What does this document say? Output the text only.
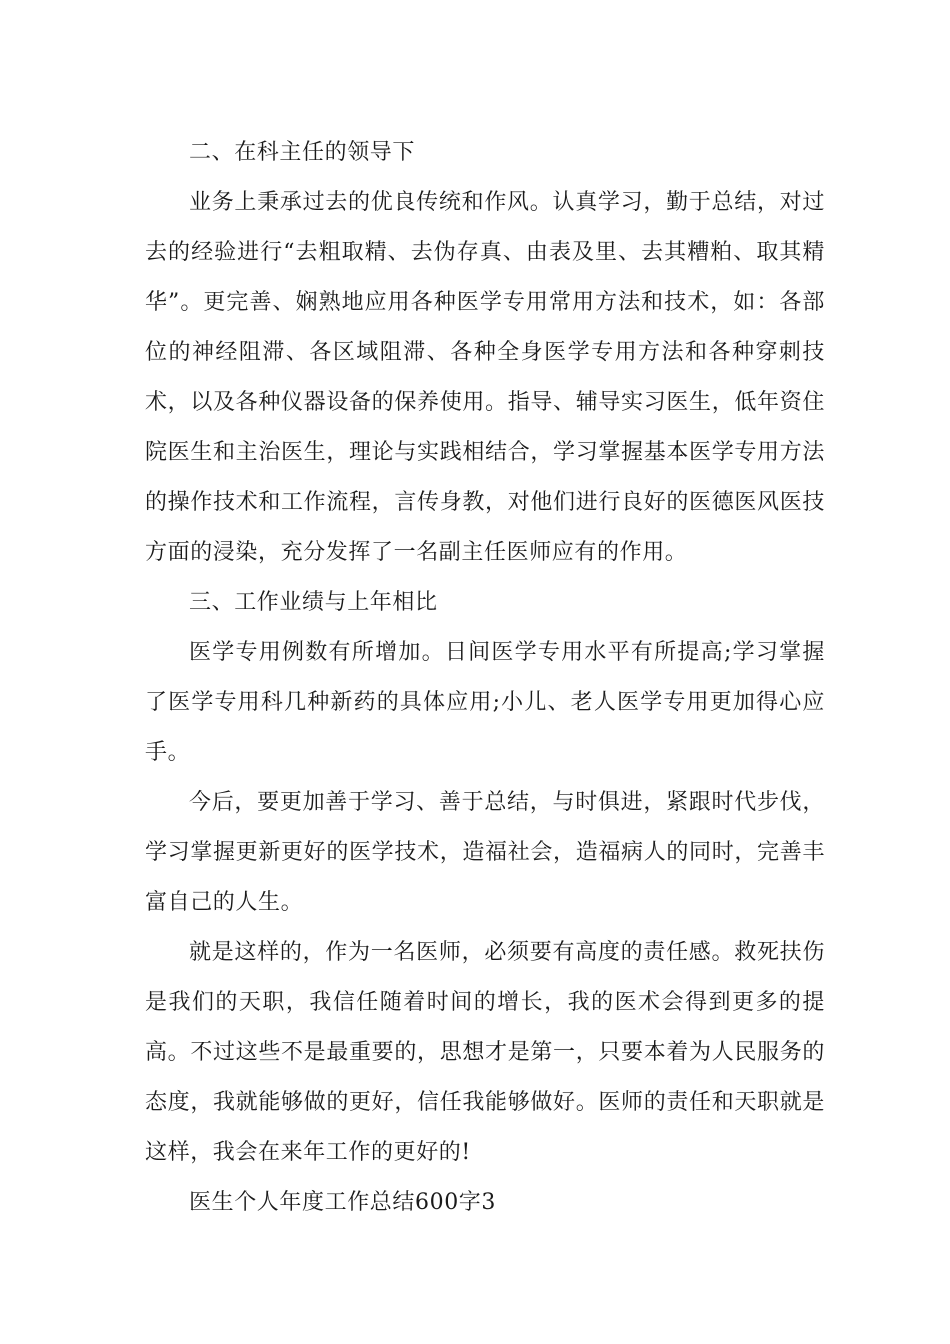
二、在科主任的领导下

业务上秉承过去的优良传统和作风。认真学习，勤于总结，对过去的经验进行“去粗取精、去伪存真、由表及里、去其糟粕、取其精华”。更完善、娴熟地应用各种医学专用常用方法和技术，如：各部位的神经阻滞、各区域阻滞、各种全身医学专用方法和各种穿刺技术，以及各种仪器设备的保养使用。指导、辅导实习医生，低年资住院医生和主治医生，理论与实践相结合，学习掌握基本医学专用方法的操作技术和工作流程，言传身教，对他们进行良好的医德医风医技方面的浸染，充分发挥了一名副主任医师应有的作用。

三、工作业绩与上年相比

医学专用例数有所增加。日间医学专用水平有所提高;学习掌握了医学专用科几种新药的具体应用;小儿、老人医学专用更加得心应手。

今后，要更加善于学习、善于总结，与时俱进，紧跟时代步伐，学习掌握更新更好的医学技术，造福社会，造福病人的同时，完善丰富自己的人生。

就是这样的，作为一名医师，必须要有高度的责任感。救死扶伤是我们的天职，我信任随着时间的增长，我的医术会得到更多的提高。不过这些不是最重要的，思想才是第一，只要本着为人民服务的态度，我就能够做的更好，信任我能够做好。医师的责任和天职就是这样，我会在来年工作的更好的!

医生个人年度工作总结600字3
